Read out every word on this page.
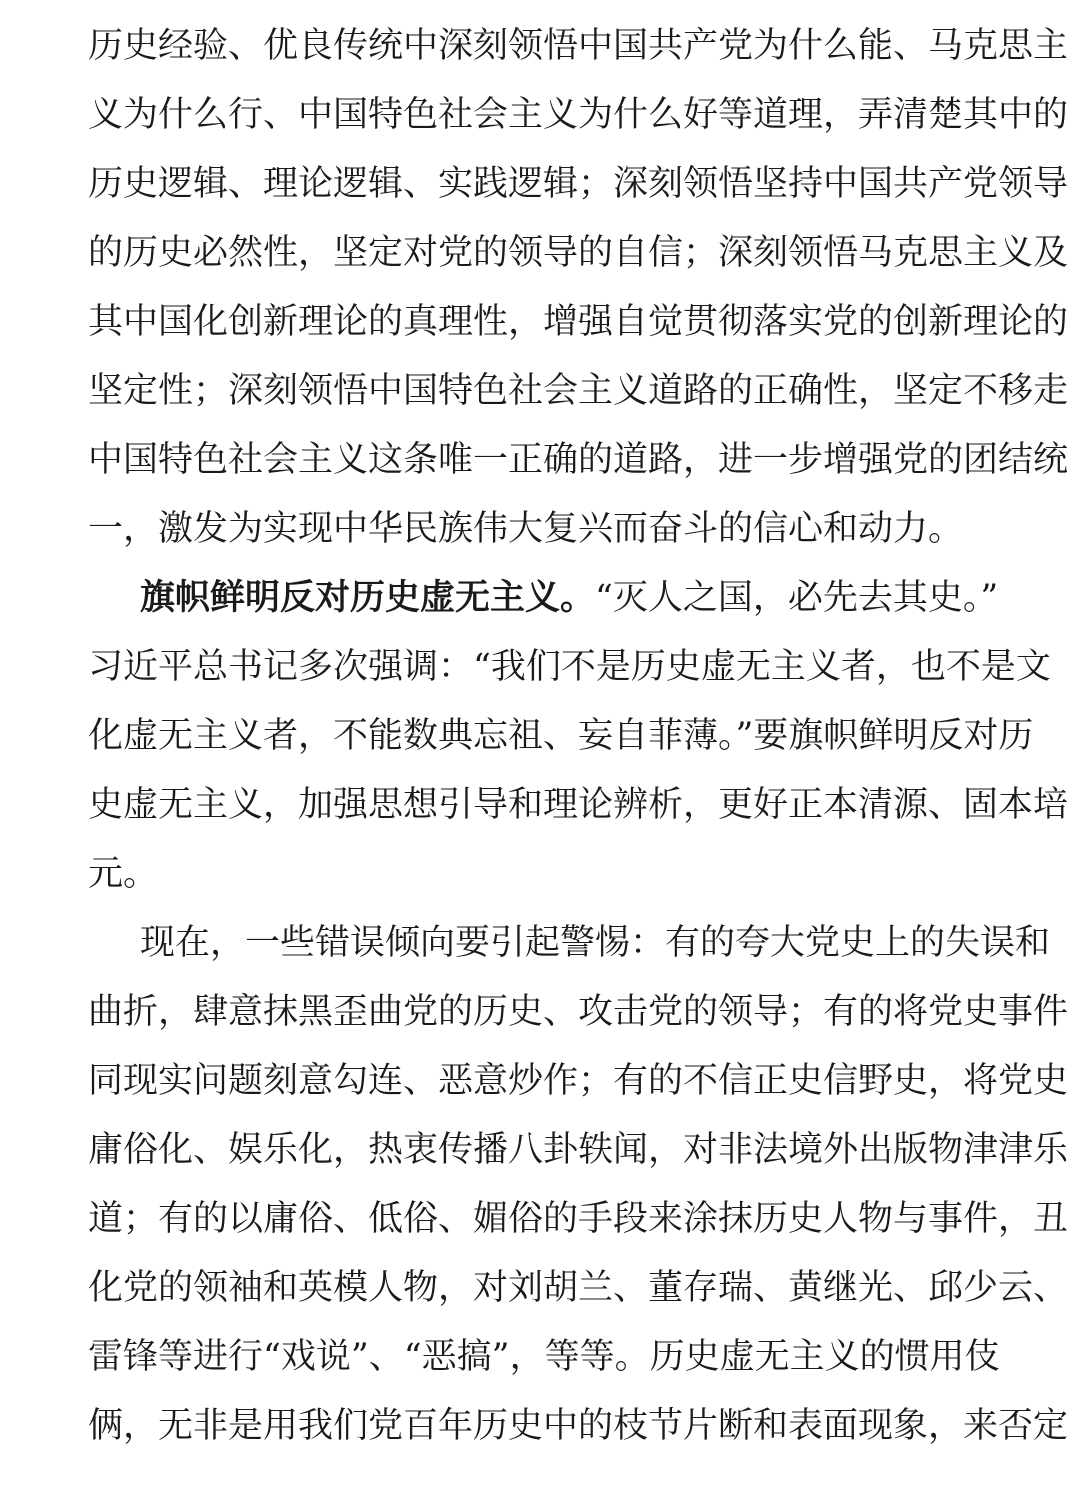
历史经验、优良传统中深刻领悟中国共产党为什么能、马克思主
义为什么行、中国特色社会主义为什么好等道理，弄清楚其中的
历史逻辑、理论逻辑、实践逻辑；深刻领悟坚持中国共产党领导
的历史必然性，坚定对党的领导的自信；深刻领悟马克思主义及
其中国化创新理论的真理性，增强自觉贯彻落实党的创新理论的
坚定性；深刻领悟中国特色社会主义道路的正确性，坚定不移走
中国特色社会主义这条唯一正确的道路，进一步增强党的团结统
一，激发为实现中华民族伟大复兴而奋斗的信心和动力。
旗帜鲜明反对历史虚无主义。“灭人之国，必先去其史。”
习近平总书记多次强调：“我们不是历史虚无主义者，也不是文
化虚无主义者，不能数典忘祖、妄自菲薄。”要旗帜鲜明反对历
史虚无主义，加强思想引导和理论辨析，更好正本清源、固本培
元。
现在，一些错误倾向要引起警惕：有的夸大党史上的失误和
曲折，肆意抹黑歪曲党的历史、攻击党的领导；有的将党史事件
同现实问题刻意勾连、恶意炒作；有的不信正史信野史，将党史
庸俗化、娱乐化，热衷传播八卦轶闻，对非法境外出版物津津乐
道；有的以庸俗、低俗、媚俗的手段来涂抹历史人物与事件，丑
化党的领袖和英模人物，对刘胡兰、董存瑞、黄继光、邱少云、
雷锋等进行“戏说”、“恶搞”，等等。历史虚无主义的惯用伎
俩，无非是用我们党百年历史中的枝节片断和表面现象，来否定
